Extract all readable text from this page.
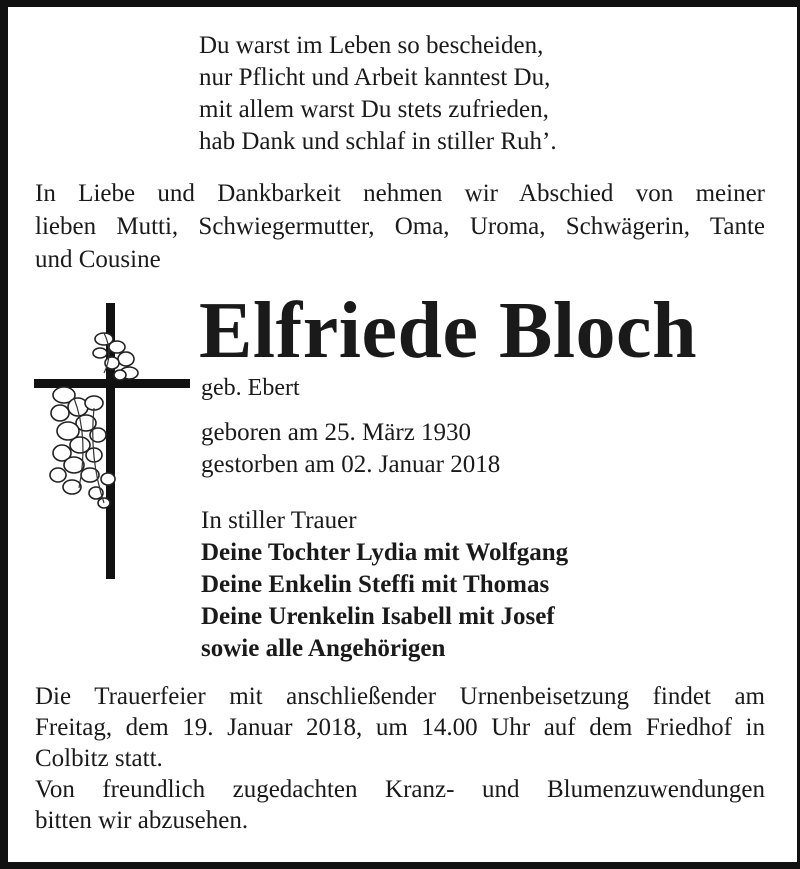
Du warst im Leben so bescheiden,
nur Pflicht und Arbeit kanntest Du,
mit allem warst Du stets zufrieden,
hab Dank und schlaf in stiller Ruh’.
In Liebe und Dankbarkeit nehmen wir Abschied von meiner
lieben Mutti, Schwiegermutter, Oma, Uroma, Schwägerin, Tante
und Cousine
Elfriede Bloch
geb. Ebert
geboren am 25. März 1930
gestorben am 02. Januar 2018
In stiller Trauer
Deine Tochter Lydia mit Wolfgang
Deine Enkelin Steffi mit Thomas
Deine Urenkelin Isabell mit Josef
sowie alle Angehörigen
Die Trauerfeier mit anschließender Urnenbeisetzung findet am
Freitag, dem 19. Januar 2018, um 14.00 Uhr auf dem Friedhof in
Colbitz statt.
Von freundlich zugedachten Kranz- und Blumenzuwendungen
bitten wir abzusehen.
